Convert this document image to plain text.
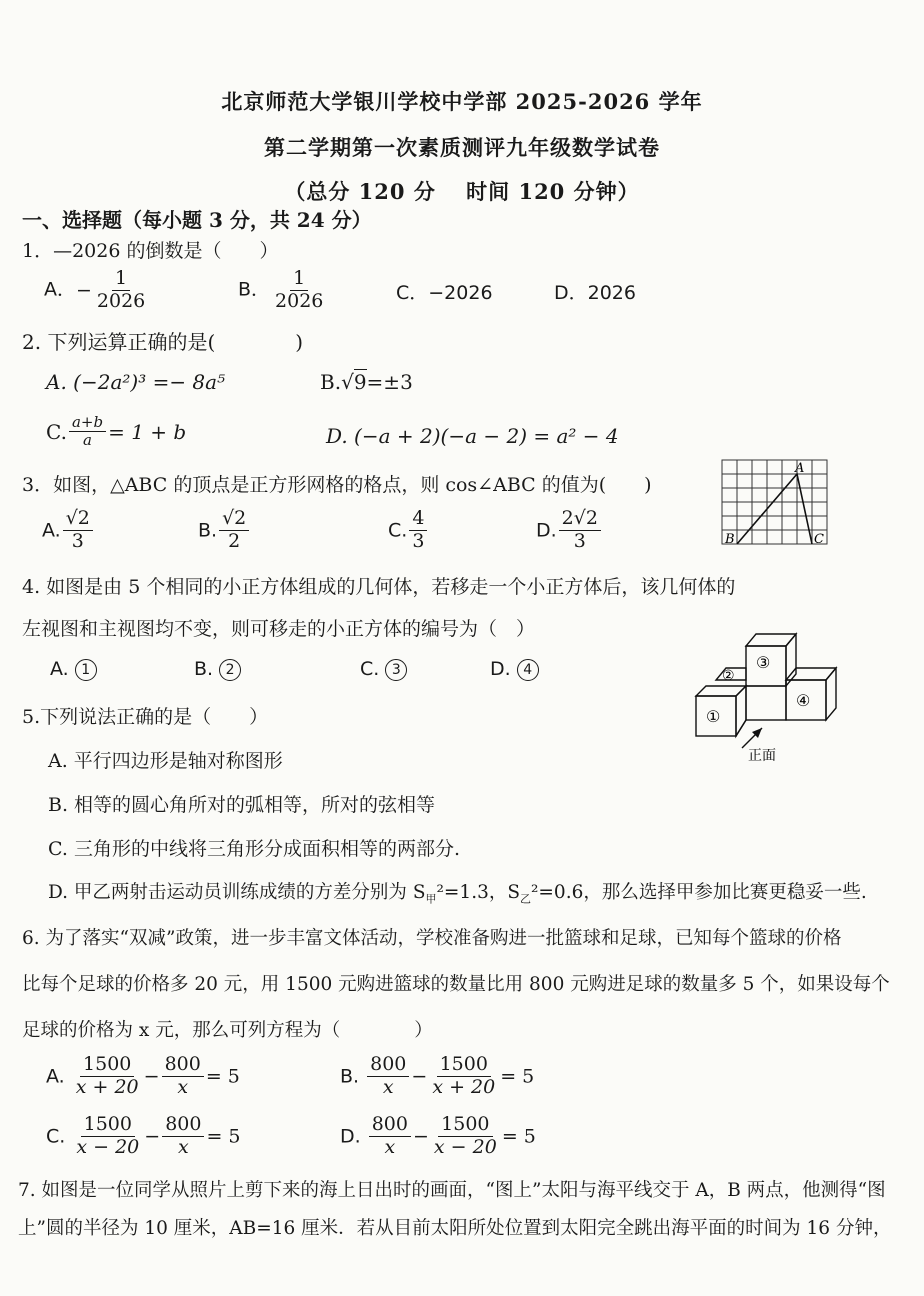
北京师范大学银川学校中学部 2025-2026 学年
第二学期第一次素质测评九年级数学试卷
（总分 120 分　 时间 120 分钟）
一、选择题（每小题 3 分，共 24 分）
1．—2026 的倒数是（　　）
A．− $\frac{1}{2026}$	B． $\frac{1}{2026}$	C．−2026	D．2026
2. 下列运算正确的是(　　　　)
A. (−2a²)³ =− 8a⁵	B.√9=±3
C. $\frac{a+b}{a} = 1 + b$	D. (−a + 2)(−a − 2) = a² − 4
3．如图，△ABC 的顶点是正方形网格的格点，则 cos∠ABC 的值为(　　)
A. $\frac{√2}{3}$	B. $\frac{√2}{2}$	C. $\frac{4}{3}$	D. $\frac{2√2}{3}$
A
B	C
4. 如图是由 5 个相同的小正方体组成的几何体，若移走一个小正方体后，该几何体的
左视图和主视图均不变，则可移走的小正方体的编号为（　）
A. 1	B. 2	C. 3	D. 4	③
②
④
①
正面
5.下列说法正确的是（　　）
A. 平行四边形是轴对称图形
B. 相等的圆心角所对的弧相等，所对的弦相等
C. 三角形的中线将三角形分成面积相等的两部分.
D. 甲乙两射击运动员训练成绩的方差分别为 $S_甲^2=1.3$，$S_乙^2=0.6$，那么选择甲参加比赛更稳妥一些.
6. 为了落实“双减”政策，进一步丰富文体活动，学校准备购进一批篮球和足球，已知每个篮球的价格
比每个足球的价格多 20 元，用 1500 元购进篮球的数量比用 800 元购进足球的数量多 5 个，如果设每个
足球的价格为 x 元，那么可列方程为（　　　　）
A. $\frac{1500}{x + 20} - \frac{800}{x} = 5$	B. $\frac{800}{x} - \frac{1500}{x + 20} = 5$
C. $\frac{1500}{x - 20} - \frac{800}{x} = 5$	D. $\frac{800}{x} - \frac{1500}{x - 20} = 5$
7. 如图是一位同学从照片上剪下来的海上日出时的画面，“图上”太阳与海平线交于 A，B 两点，他测得“图
上”圆的半径为 10 厘米，AB=16 厘米．若从目前太阳所处位置到太阳完全跳出海平面的时间为 16 分钟，
